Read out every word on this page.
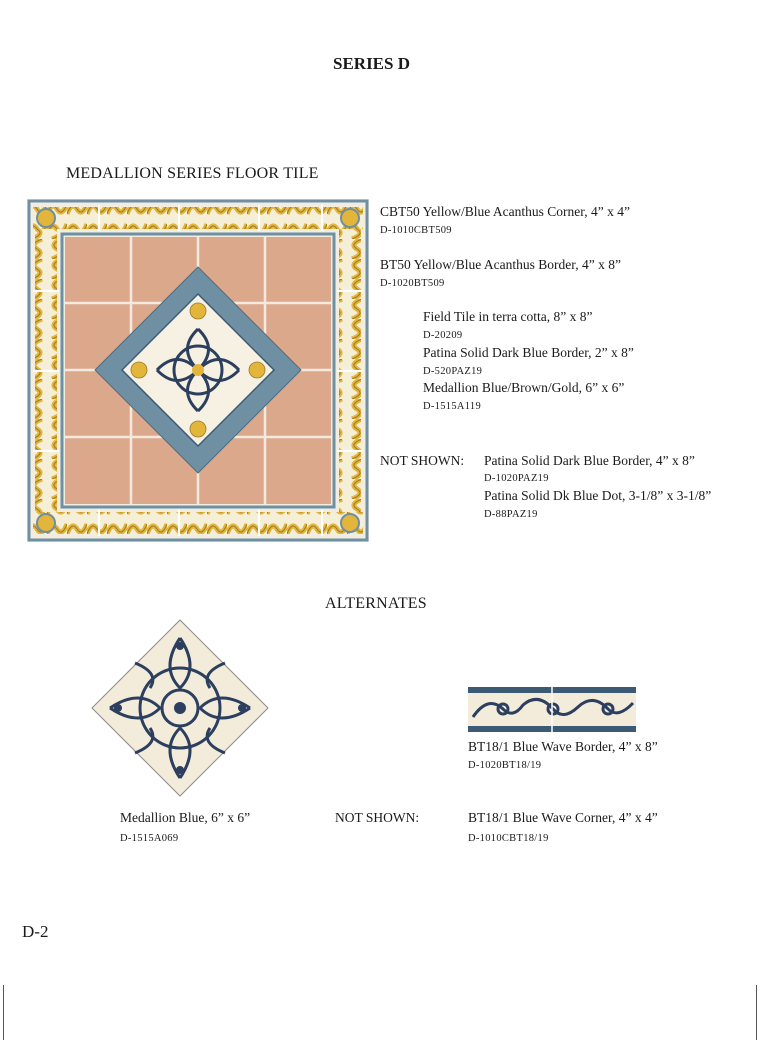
SERIES D
MEDALLION SERIES FLOOR TILE
CBT50 Yellow/Blue Acanthus Corner, 4” x 4”
D-1010CBT509
BT50 Yellow/Blue Acanthus Border, 4” x 8”
D-1020BT509
Field Tile in terra cotta, 8” x 8”
D-20209
Patina Solid Dark Blue Border, 2” x 8”
D-520PAZ19
Medallion Blue/Brown/Gold, 6” x 6”
D-1515A119
NOT SHOWN: Patina Solid Dark Blue Border, 4” x 8”
D-1020PAZ19
Patina Solid Dk Blue Dot, 3-1/8” x 3-1/8”
D-88PAZ19
ALTERNATES
BT18/1 Blue Wave Border, 4” x 8”
D-1020BT18/19
Medallion Blue, 6” x 6”
D-1515A069
NOT SHOWN:	BT18/1 Blue Wave Corner, 4” x 4”
D-1010CBT18/19
D-2
